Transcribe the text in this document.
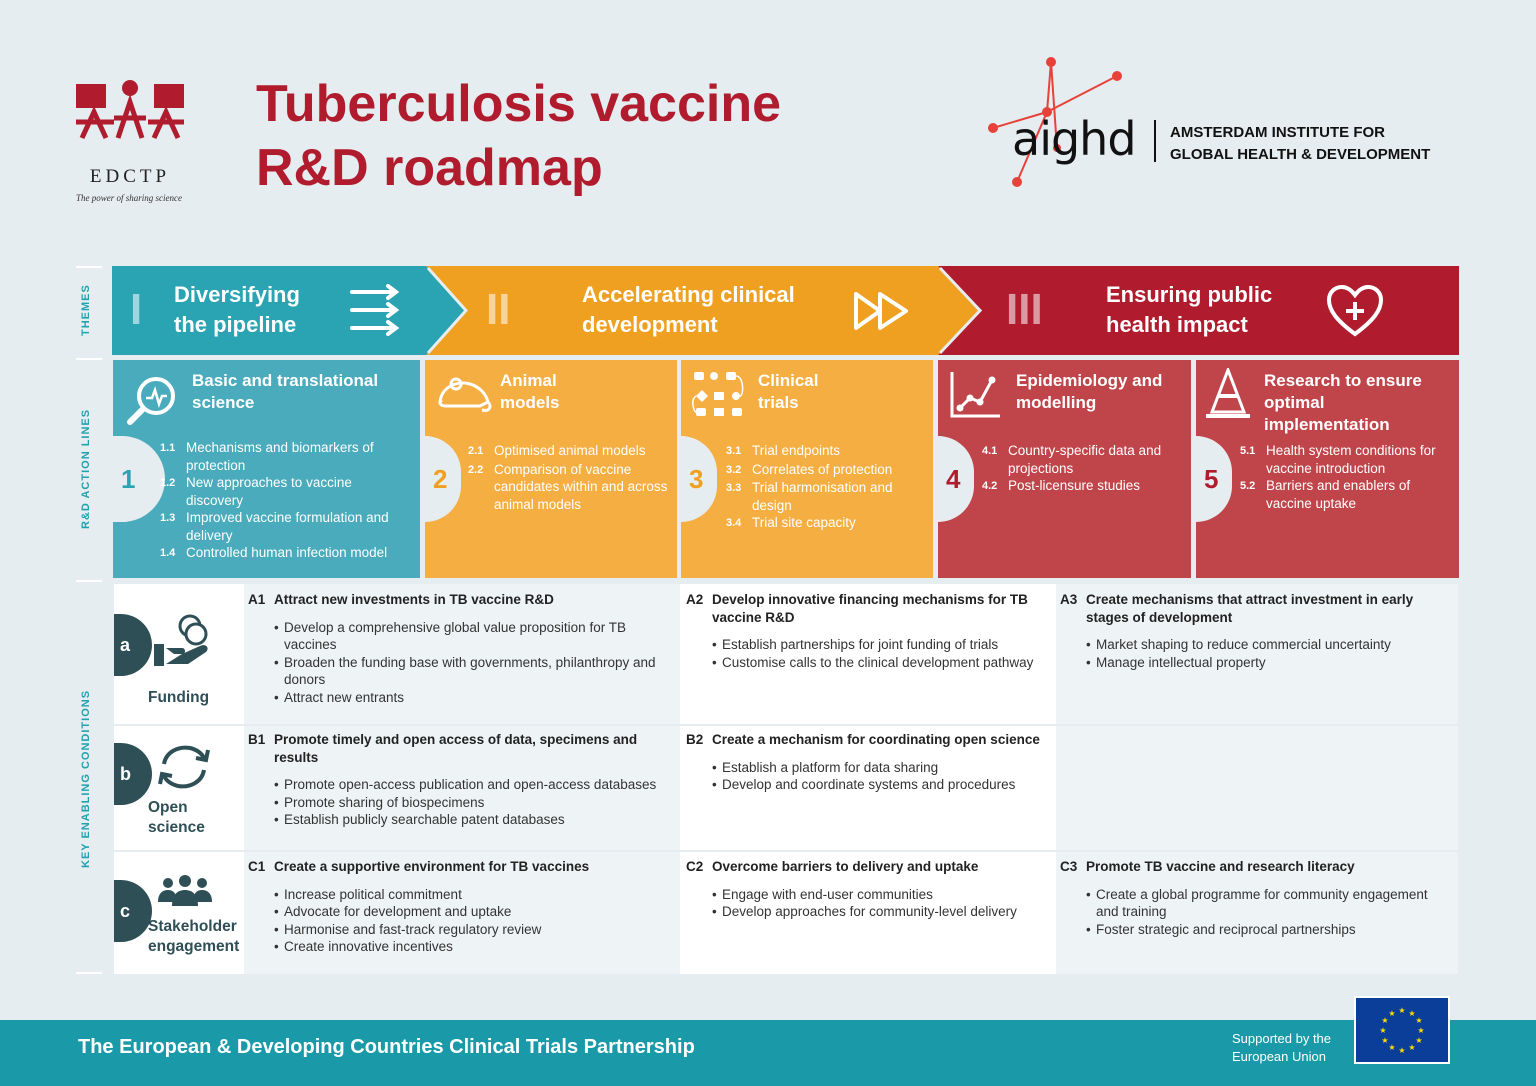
EDCTP
The power of sharing science
Tuberculosis vaccine
R&D roadmap	aighd AMSTERDAM INSTITUTE FOR
GLOBAL HEALTH & DEVELOPMENT
THEMES
R&D ACTION LINES
KEY ENABLING CONDITIONS
I Diversifying
the pipeline	II	Accelerating clinical
development	III	Ensuring public
health impact
1	2	3	4	5
Basic and translational
science
Animal
models
Clinical
trials
Epidemiology and
modelling
Research to ensure
optimal implementation
1.1 Mechanisms and biomarkers of protection
1.2 New approaches to vaccine discovery
1.3 Improved vaccine formulation and delivery
1.4 Controlled human infection model
2.1 Optimised animal models
2.2 Comparison of vaccine candidates within and across animal models
3.1 Trial endpoints
3.2 Correlates of protection
3.3 Trial harmonisation and design
3.4 Trial site capacity
4.1 Country-specific data and projections
4.2 Post-licensure studies
5.1 Health system conditions for vaccine introduction
5.2 Barriers and enablers of vaccine uptake
a
b
c
Funding
Open
science
Stakeholder
engagement
A1 Attract new investments in TB vaccine R&D
• Develop a comprehensive global value proposition for TB vaccines
• Broaden the funding base with governments, philanthropy and donors
• Attract new entrants
A2 Develop innovative financing mechanisms for TB vaccine R&D
• Establish partnerships for joint funding of trials
• Customise calls to the clinical development pathway
A3 Create mechanisms that attract investment in early stages of development
• Market shaping to reduce commercial uncertainty
• Manage intellectual property
B1 Promote timely and open access of data, specimens and results
• Promote open-access publication and open-access databases
• Promote sharing of biospecimens
• Establish publicly searchable patent databases
B2 Create a mechanism for coordinating open science
• Establish a platform for data sharing
• Develop and coordinate systems and procedures
C1 Create a supportive environment for TB vaccines
• Increase political commitment
• Advocate for development and uptake
• Harmonise and fast-track regulatory review
• Create innovative incentives
C2 Overcome barriers to delivery and uptake
• Engage with end-user communities
• Develop approaches for community-level delivery
C3 Promote TB vaccine and research literacy
• Create a global programme for community engagement and training
• Foster strategic and reciprocal partnerships
The European & Developing Countries Clinical Trials Partnership	Supported by the
European Union
★ ★
★
★
★
★
★
★
★
★
★
★
